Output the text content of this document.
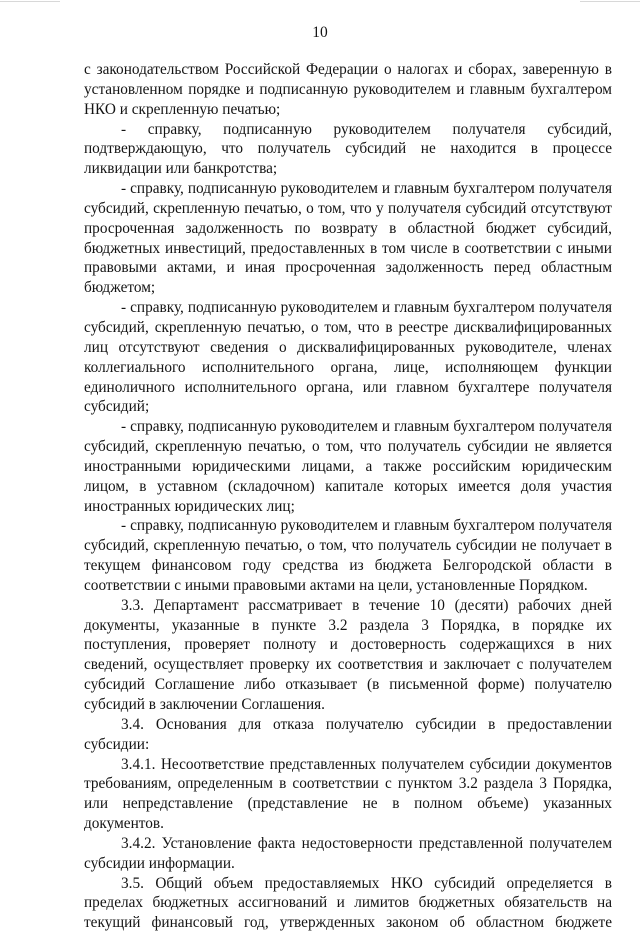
10

с законодательством Российской Федерации о налогах и сборах, заверенную в установленном порядке и подписанную руководителем и главным бухгалтером НКО и скрепленную печатью;

- справку, подписанную руководителем получателя субсидий, подтверждающую, что получатель субсидий не находится в процессе ликвидации или банкротства;

- справку, подписанную руководителем и главным бухгалтером получателя субсидий, скрепленную печатью, о том, что у получателя субсидий отсутствуют просроченная задолженность по возврату в областной бюджет субсидий, бюджетных инвестиций, предоставленных в том числе в соответствии с иными правовыми актами, и иная просроченная задолженность перед областным бюджетом;

- справку, подписанную руководителем и главным бухгалтером получателя субсидий, скрепленную печатью, о том, что в реестре дисквалифицированных лиц отсутствуют сведения о дисквалифицированных руководителе, членах коллегиального исполнительного органа, лице, исполняющем функции единоличного исполнительного органа, или главном бухгалтере получателя субсидий;

- справку, подписанную руководителем и главным бухгалтером получателя субсидий, скрепленную печатью, о том, что получатель субсидии не является иностранными юридическими лицами, а также российским юридическим лицом, в уставном (складочном) капитале которых имеется доля участия иностранных юридических лиц;

- справку, подписанную руководителем и главным бухгалтером получателя субсидий, скрепленную печатью, о том, что получатель субсидии не получает в текущем финансовом году средства из бюджета Белгородской области в соответствии с иными правовыми актами на цели, установленные Порядком.

3.3. Департамент рассматривает в течение 10 (десяти) рабочих дней документы, указанные в пункте 3.2 раздела 3 Порядка, в порядке их поступления, проверяет полноту и достоверность содержащихся в них сведений, осуществляет проверку их соответствия и заключает с получателем субсидий Соглашение либо отказывает (в письменной форме) получателю субсидий в заключении Соглашения.

3.4. Основания для отказа получателю субсидии в предоставлении субсидии:

3.4.1. Несоответствие представленных получателем субсидии документов требованиям, определенным в соответствии с пунктом 3.2 раздела 3 Порядка, или непредставление (представление не в полном объеме) указанных документов.

3.4.2. Установление факта недостоверности представленной получателем субсидии информации.

3.5. Общий объем предоставляемых НКО субсидий определяется в пределах бюджетных ассигнований и лимитов бюджетных обязательств на текущий финансовый год, утвержденных законом об областном бюджете
